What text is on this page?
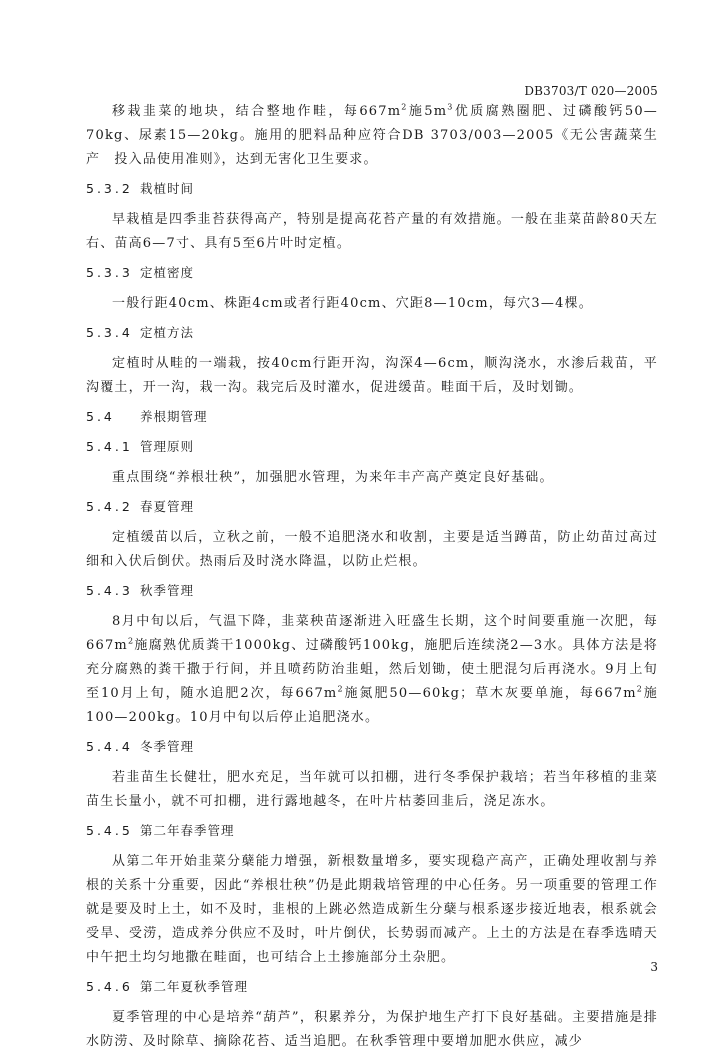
DB3703/T 020—2005

移栽韭菜的地块，结合整地作畦，每$667m^2$施$5m^3$优质腐熟圈肥、过磷酸钙50—70kg、尿素15—20kg。施用的肥料品种应符合DB 3703/003—2005《无公害蔬菜生产　投入品使用准则》，达到无害化卫生要求。

5.3.2 栽植时间

早栽植是四季韭苔获得高产，特别是提高花苔产量的有效措施。一般在韭菜苗龄80天左右、苗高6—7寸、具有5至6片叶时定植。

5.3.3 定植密度

一般行距40cm、株距4cm或者行距40cm、穴距8—10cm，每穴3—4棵。

5.3.4 定植方法

定植时从畦的一端栽，按40cm行距开沟，沟深4—6cm，顺沟浇水，水渗后栽苗，平沟覆土，开一沟，栽一沟。栽完后及时灌水，促进缓苗。畦面干后，及时划锄。

5.4 养根期管理
5.4.1 管理原则

重点围绕“养根壮秧”，加强肥水管理，为来年丰产高产奠定良好基础。

5.4.2 春夏管理

定植缓苗以后，立秋之前，一般不追肥浇水和收割，主要是适当蹲苗，防止幼苗过高过细和入伏后倒伏。热雨后及时浇水降温，以防止烂根。

5.4.3 秋季管理

8月中旬以后，气温下降，韭菜秧苗逐渐进入旺盛生长期，这个时间要重施一次肥，每$667m^2$施腐熟优质粪干1000kg、过磷酸钙100kg，施肥后连续浇2—3水。具体方法是将充分腐熟的粪干撒于行间，并且喷药防治韭蛆，然后划锄，使土肥混匀后再浇水。9月上旬至10月上旬，随水追肥2次，每$667m^2$施氮肥50—60kg；草木灰要单施，每$667m^2$施100—200kg。10月中旬以后停止追肥浇水。

5.4.4 冬季管理

若韭苗生长健壮，肥水充足，当年就可以扣棚，进行冬季保护栽培；若当年移植的韭菜苗生长量小，就不可扣棚，进行露地越冬，在叶片枯萎回韭后，浇足冻水。

5.4.5 第二年春季管理

从第二年开始韭菜分蘖能力增强，新根数量增多，要实现稳产高产，正确处理收割与养根的关系十分重要，因此“养根壮秧”仍是此期栽培管理的中心任务。另一项重要的管理工作就是要及时上土，如不及时，韭根的上跳必然造成新生分蘖与根系逐步接近地表，根系就会受旱、受涝，造成养分供应不及时，叶片倒伏，长势弱而减产。上土的方法是在春季选晴天中午把土均匀地撒在畦面，也可结合上土掺施部分土杂肥。

5.4.6 第二年夏秋季管理

夏季管理的中心是培养“葫芦”，积累养分，为保护地生产打下良好基础。主要措施是排水防涝、及时除草、摘除花苔、适当追肥。在秋季管理中要增加肥水供应，减少

3
